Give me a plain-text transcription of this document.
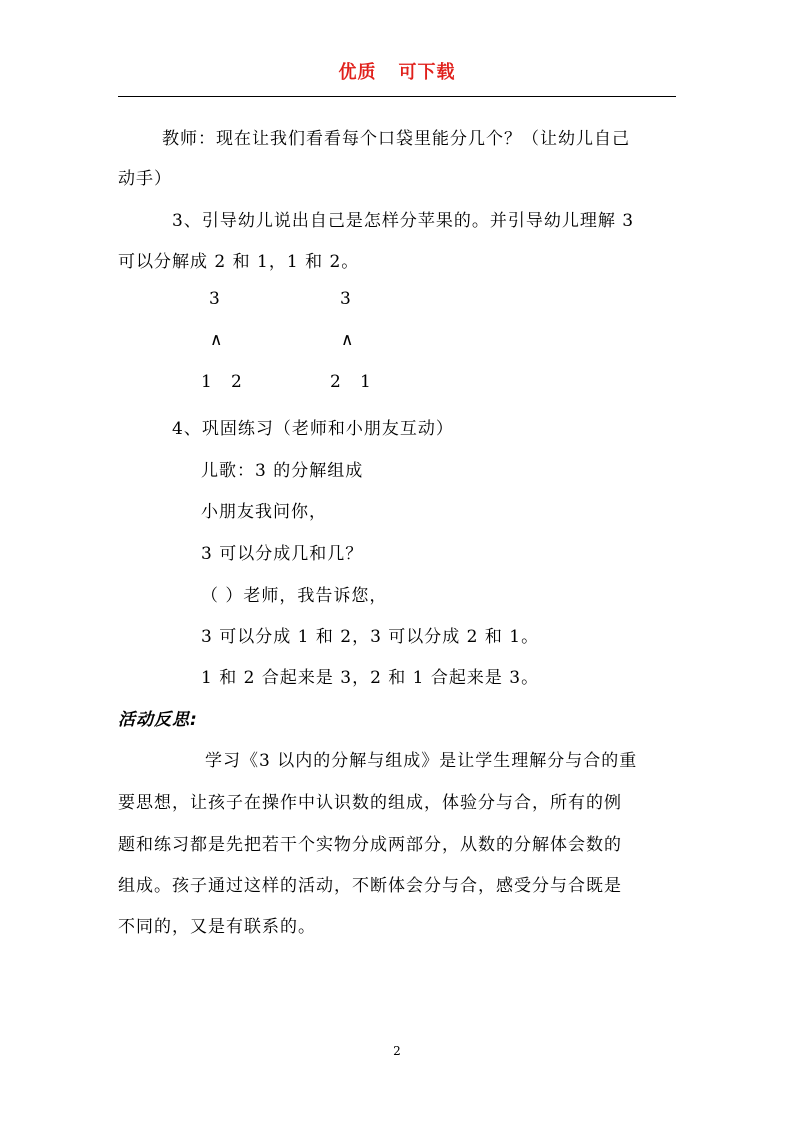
优质 可下载
教师：现在让我们看看每个口袋里能分几个？（让幼儿自己
动手）
3、引导幼儿说出自己是怎样分苹果的。并引导幼儿理解 3
可以分解成 2 和 1，1 和 2。
3	3
∧	∧
1 2	2 1
4、巩固练习（老师和小朋友互动）
儿歌：3 的分解组成
小朋友我问你，
3 可以分成几和几？
（ ）老师，我告诉您，
3 可以分成 1 和 2，3 可以分成 2 和 1。
1 和 2 合起来是 3，2 和 1 合起来是 3。
活动反思:
学习《3 以内的分解与组成》是让学生理解分与合的重
要思想，让孩子在操作中认识数的组成，体验分与合，所有的例
题和练习都是先把若干个实物分成两部分，从数的分解体会数的
组成。孩子通过这样的活动，不断体会分与合，感受分与合既是
不同的，又是有联系的。
2
